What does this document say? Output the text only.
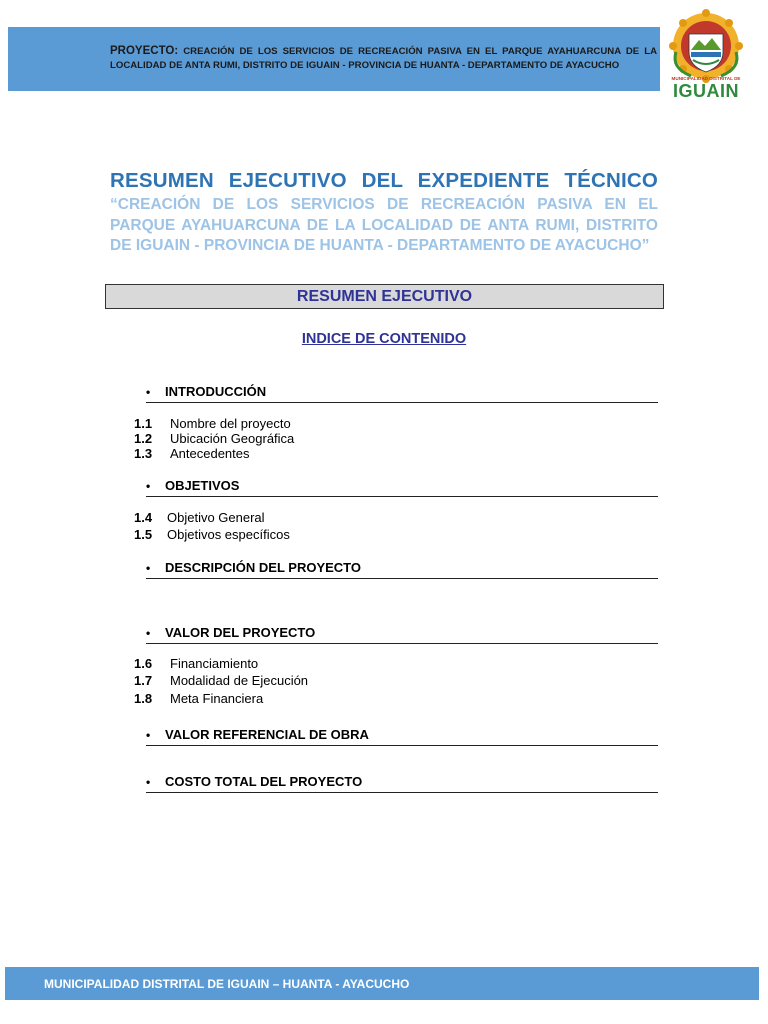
PROYECTO: CREACIÓN DE LOS SERVICIOS DE RECREACIÓN PASIVA EN EL PARQUE AYAHUARCUNA DE LA LOCALIDAD DE ANTA RUMI, DISTRITO DE IGUAIN - PROVINCIA DE HUANTA - DEPARTAMENTO DE AYACUCHO
MUNICIPALIDAD DISTRITAL DE
IGUAIN
RESUMEN EJECUTIVO DEL EXPEDIENTE TÉCNICO
“CREACIÓN DE LOS SERVICIOS DE RECREACIÓN PASIVA EN EL PARQUE AYAHUARCUNA DE LA LOCALIDAD DE ANTA RUMI, DISTRITO DE IGUAIN - PROVINCIA DE HUANTA - DEPARTAMENTO DE AYACUCHO”
RESUMEN EJECUTIVO
INDICE DE CONTENIDO
• INTRODUCCIÓN
1.1 Nombre del proyecto
1.2 Ubicación Geográfica
1.3 Antecedentes
• OBJETIVOS
1.4 Objetivo General
1.5 Objetivos específicos
• DESCRIPCIÓN DEL PROYECTO
• VALOR DEL PROYECTO
1.6 Financiamiento
1.7 Modalidad de Ejecución
1.8 Meta Financiera
• VALOR REFERENCIAL DE OBRA
• COSTO TOTAL DEL PROYECTO
MUNICIPALIDAD DISTRITAL DE IGUAIN – HUANTA - AYACUCHO
